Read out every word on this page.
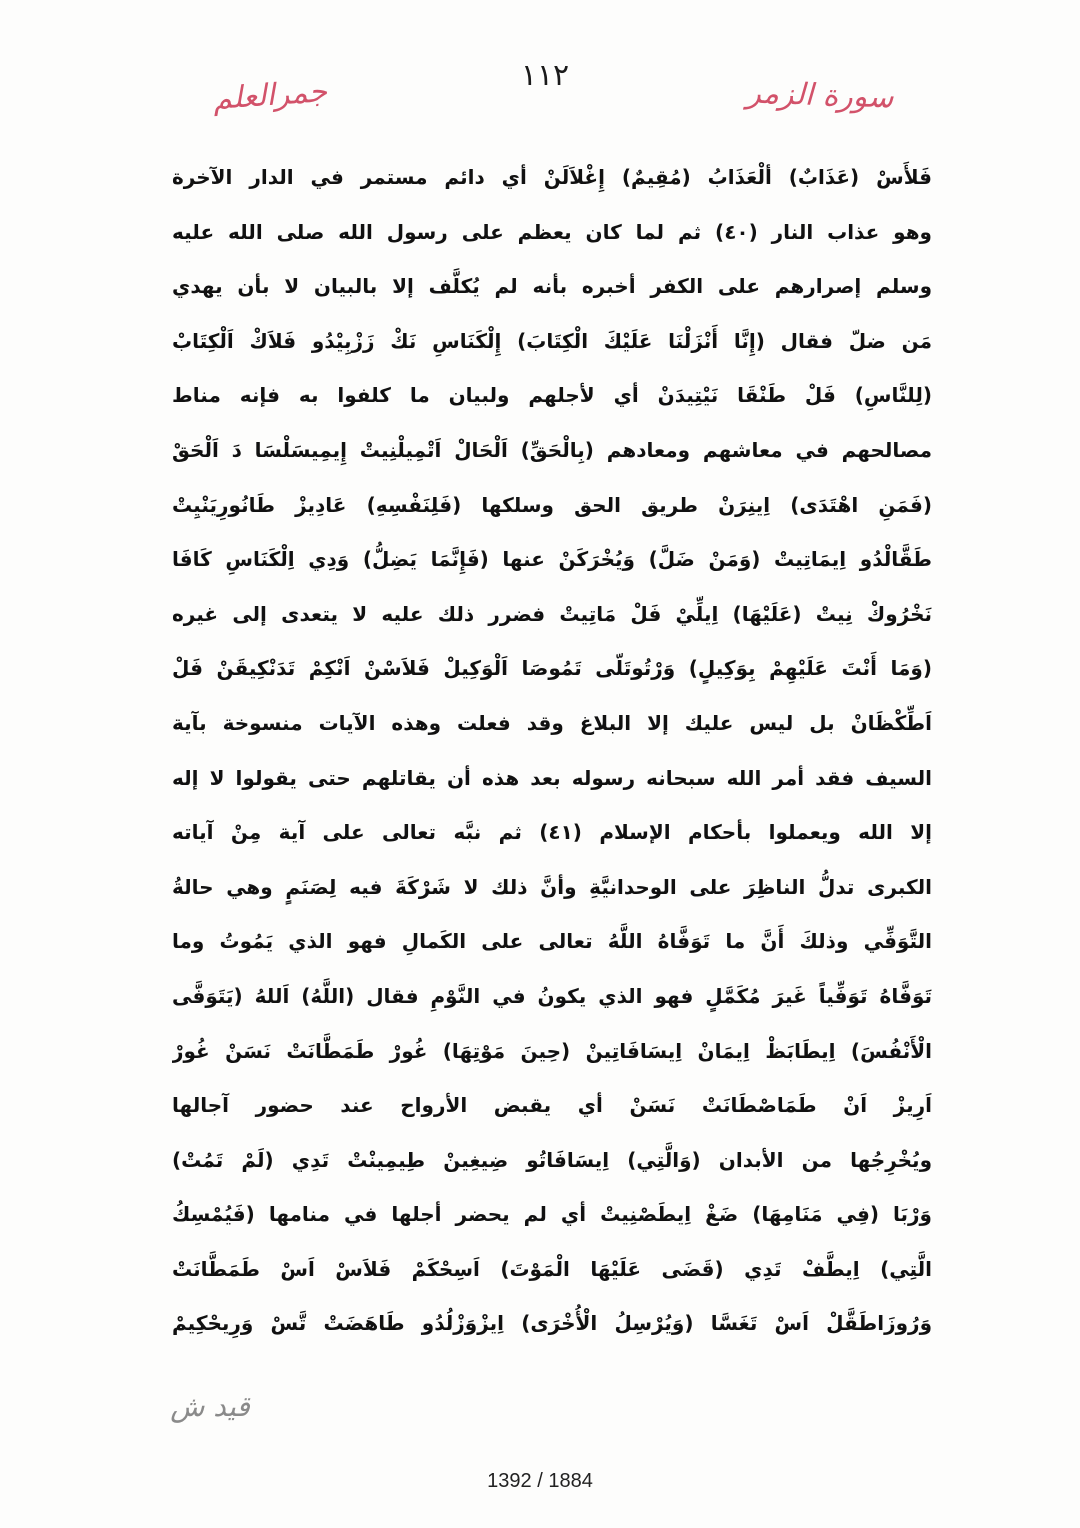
جمرالعلم	١١٢	سورة الزمر
فَلأَسْ (عَذَابٌ) ألْعَذَابُ (مُقِيمٌ) إِغْلاَلَنْ أي دائم مستمر في الدار الآخرة
وهو عذاب النار (٤٠) ثم لما كان يعظم على رسول الله صلى الله عليه
وسلم إصرارهم على الكفر أخبره بأنه لم يُكلَّف إلا بالبيان لا بأن يهدي
مَن ضلّ فقال (إِنَّا أَنْزَلْنَا عَلَيْكَ الْكِتَابَ) إِلْكَنَاسِ نَكْ زَزْبِيْدُو فَلاَكْ اَلْكِتَابْ
(لِلنَّاسِ) فَلْ طَنْقَا نَيْتِيدَنْ أي لأجلهم ولبيان ما كلفوا به فإنه مناط
مصالحهم في معاشهم ومعادهم (بِالْحَقِّ) اَلْحَالْ اَتْمِيلْنِيتْ إِيمِيسَلْسَا دَ اَلْحَقْ
(فَمَنِ اهْتَدَى) اِينِرَنْ طريق الحق وسلكها (فَلِنَفْسِهِ) عَادِيزْ طَانُورِيَنْيِتْ
طَقَّالْدُو اِيمَاتِيتْ (وَمَنْ ضَلَّ) وَيُخْرَكَنْ عنها (فَإِنَّمَا يَضِلُّ) وَدِي اِلْكَنَاسِ كَافَا
نَخْرُوكْ نِيتْ (عَلَيْهَا) اِيلِّيْ فَلْ مَاتِيتْ فضرر ذلك عليه لا يتعدى إلى غيره
(وَمَا أَنْتَ عَلَيْهِمْ بِوَكِيلٍ) وَرْتُوتَلّى تَمُوصَا اَلْوَكِيلْ فَلاَسْنْ اَنْكِمْ تَدَنْكِيقَنْ فَلْ
اَطِّكْظَانْ بل ليس عليك إلا البلاغ وقد فعلت وهذه الآيات منسوخة بآية
السيف فقد أمر الله سبحانه رسوله بعد هذه أن يقاتلهم حتى يقولوا لا إله
إلا الله ويعملوا بأحكام الإسلام (٤١) ثم نبَّه تعالى على آية مِنْ آياته
الكبرى تدلُّ الناظِرَ على الوحدانيَّةِ وأنَّ ذلك لا شَرْكَةَ فيه لِصَنَمٍ وهي حالةُ
التَّوَفِّي وذلكَ أَنَّ ما تَوَفَّاهُ اللَّهُ تعالى على الكَمالِ فهو الذي يَمُوتُ وما
تَوَفَّاهُ تَوَفِّياً غَيرَ مُكَمَّلٍ فهو الذي يكونُ في النَّوْمِ فقال (اللَّهُ) اَللهُ (يَتَوَفَّى
الْأَنْفُسَ) اِيطَابَظْ اِيمَانْ اِيسَافَاتِينْ (حِينَ مَوْتِهَا) غُورْ طَمَطَّانَتْ نَسَنْ غُورْ
اَرِيزْ اَنْ طَمَاصْطَانَتْ نَسَنْ أي يقبض الأرواح عند حضور آجالها
ويُخْرِجُها من الأبدان (وَالَّتِي) اِيسَافَاتُو ضِيغِينْ طِيمِينْتْ تَدِي (لَمْ تَمُتْ)
وَرْبَا (فِي مَنَامِهَا) ضَغْ اِيطَصْنِيتْ أي لم يحضر أجلها في منامها (فَيُمْسِكُ
الَّتِي) اِيطَّفْ تَدِي (قَضَى عَلَيْهَا الْمَوْتَ) اَسِحْكَمْ فَلاَسْ اَسْ طَمَطَّانَتْ
وَرُوزَاطَقَّلْ اَسْ تَغَسَّا (وَيُرْسِلُ الْأُخْرَى) اِيزْوَزْلُدُو طَاهَضَتْ تَّسْ وَرِيحْكِيمْ
قيد ش
1392 / 1884
